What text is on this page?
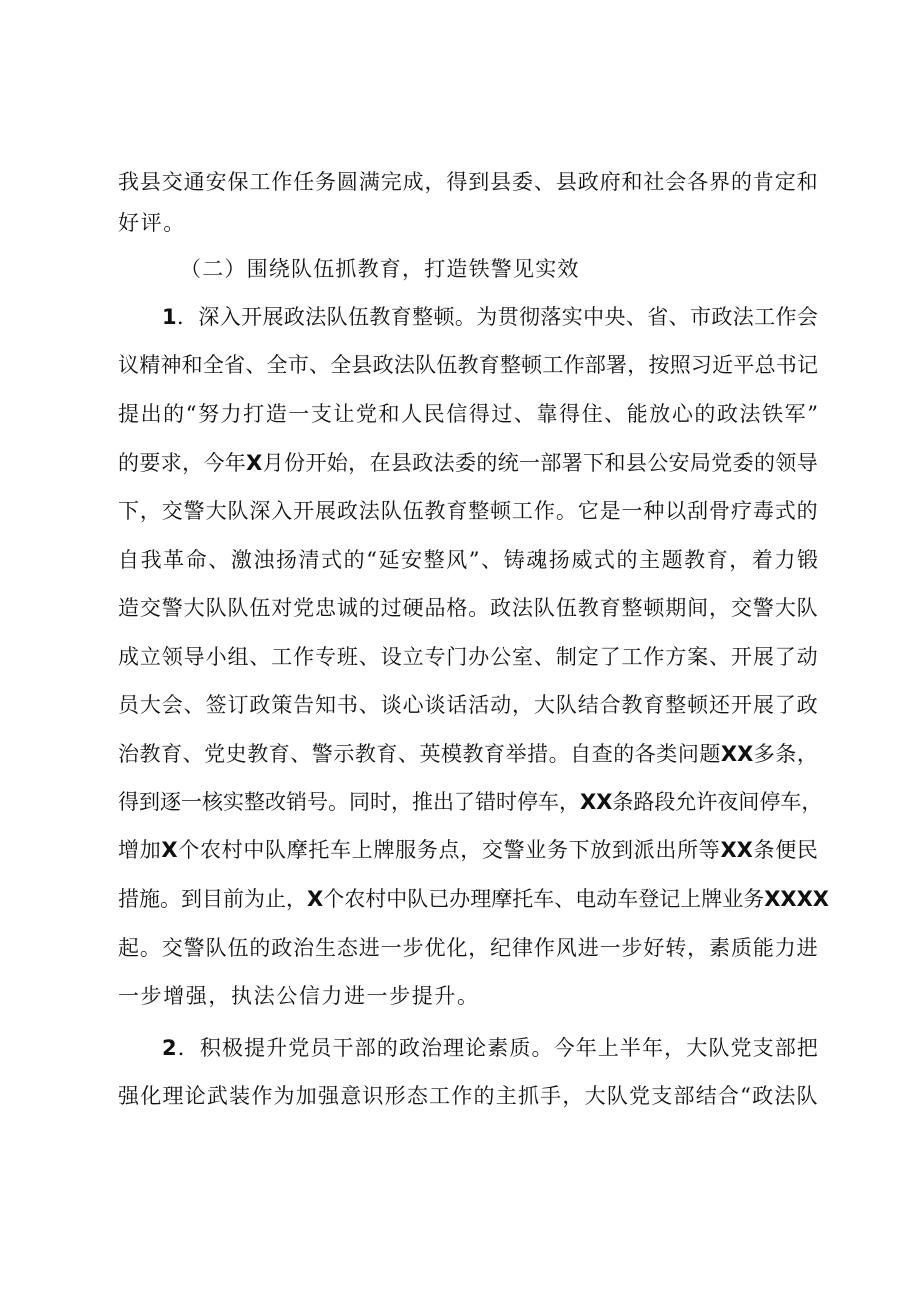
我 县 交 通 安 保 工 作 任 务 圆 满 完 成 ， 得 到 县 委 、 县 政 府 和 社 会 各 界 的 肯 定 和
好评。
（二）围绕队伍抓教育，打造铁警见实效
1 ． 深 入 开 展 政 法 队 伍 教 育 整 顿 。 为 贯 彻 落 实 中 央 、 省 、 市 政 法 工 作 会
议 精 神 和 全 省 、 全 市 、 全 县 政 法 队 伍 教 育 整 顿 工 作 部 署 ， 按 照 习 近 平 总 书 记
提 出 的 “ 努 力 打 造 一 支 让 党 和 人 民 信 得 过 、 靠 得 住 、 能 放 心 的 政 法 铁 军 ”
的 要 求 ， 今 年 X 月 份 开 始 ， 在 县 政 法 委 的 统 一 部 署 下 和 县 公 安 局 党 委 的 领 导
下 ， 交 警 大 队 深 入 开 展 政 法 队 伍 教 育 整 顿 工 作 。 它 是 一 种 以 刮 骨 疗 毒 式 的
自 我 革 命 、 激 浊 扬 清 式 的 “ 延 安 整 风 ” 、 铸 魂 扬 威 式 的 主 题 教 育 ， 着 力 锻
造 交 警 大 队 队 伍 对 党 忠 诚 的 过 硬 品 格 。 政 法 队 伍 教 育 整 顿 期 间 ， 交 警 大 队
成 立 领 导 小 组 、 工 作 专 班 、 设 立 专 门 办 公 室 、 制 定 了 工 作 方 案 、 开 展 了 动
员 大 会 、 签 订 政 策 告 知 书 、 谈 心 谈 话 活 动 ， 大 队 结 合 教 育 整 顿 还 开 展 了 政
治 教 育 、 党 史 教 育 、 警 示 教 育 、 英 模 教 育 举 措 。 自 查 的 各 类 问 题 XX 多 条 ，
得 到 逐 一 核 实 整 改 销 号 。 同 时 ， 推 出 了 错 时 停 车 ， XX 条 路 段 允 许 夜 间 停 车 ，
增 加 X 个 农 村 中 队 摩 托 车 上 牌 服 务 点 ， 交 警 业 务 下 放 到 派 出 所 等 XX 条 便 民
措 施 。 到 目 前 为 止 ， X 个 农 村 中 队 已 办 理 摩 托 车 、 电 动 车 登 记 上 牌 业 务 XXXX
起 。 交 警 队 伍 的 政 治 生 态 进 一 步 优 化 ， 纪 律 作 风 进 一 步 好 转 ， 素 质 能 力 进
一步增强，执法公信力进一步提升。
2 ． 积 极 提 升 党 员 干 部 的 政 治 理 论 素 质 。 今 年 上 半 年 ， 大 队 党 支 部 把
强 化 理 论 武 装 作 为 加 强 意 识 形 态 工 作 的 主 抓 手 ， 大 队 党 支 部 结 合 “ 政 法 队
